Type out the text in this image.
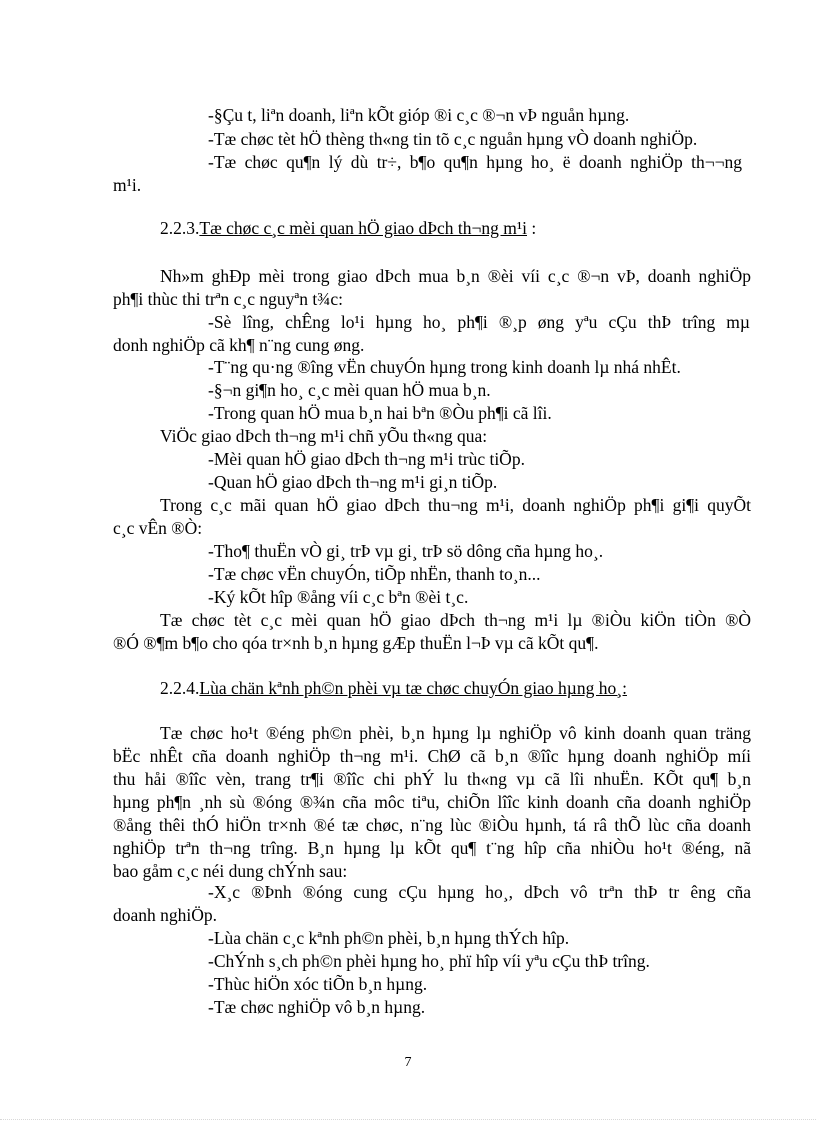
-§Çu t, liªn doanh, liªn kÕt gióp ®i c¸c ®¬n vÞ nguån hµng.
-Tæ chøc tèt hÖ thèng th«ng tin tõ c¸c nguån hµng vÒ doanh nghiÖp.
-Tæ chøc qu¶n lý dù tr÷, b¶o qu¶n hµng ho¸ ë doanh nghiÖp th¬¬ng
m¹i.
2.2.3.Tæ chøc c¸c mèi quan hÖ giao dÞch th¬ng m¹i :
Nh»m ghÐp mèi trong giao dÞch mua b¸n ®èi víi c¸c ®¬n vÞ, doanh nghiÖp
ph¶i thùc thi trªn c¸c nguyªn t¾c:
-Sè lîng, chÊng lo¹i hµng ho¸ ph¶i ®¸p øng yªu cÇu thÞ trîng mµ
donh nghiÖp cã kh¶ n¨ng cung øng.
-T¨ng qu·ng ®îng vËn chuyÓn hµng trong kinh doanh lµ nhá nhÊt.
-§¬n gi¶n ho¸ c¸c mèi quan hÖ mua b¸n.
-Trong quan hÖ mua b¸n hai bªn ®Òu ph¶i cã lîi.
ViÖc giao dÞch th¬ng m¹i chñ yÕu th«ng qua:
-Mèi quan hÖ giao dÞch th¬ng m¹i trùc tiÕp.
-Quan hÖ giao dÞch th¬ng m¹i gi¸n tiÕp.
Trong c¸c mãi quan hÖ giao dÞch thu¬ng m¹i, doanh nghiÖp ph¶i gi¶i quyÕt
c¸c vÊn ®Ò:
-Tho¶ thuËn vÒ gi¸ trÞ vµ gi¸ trÞ sö dông cña hµng ho¸.
-Tæ chøc vËn chuyÓn, tiÕp nhËn, thanh to¸n...
-Ký kÕt hîp ®ång víi c¸c bªn ®èi t¸c.
Tæ chøc tèt c¸c mèi quan hÖ giao dÞch th¬ng m¹i lµ ®iÒu kiÖn tiÒn ®Ò
®Ó ®¶m b¶o cho qóa tr×nh b¸n hµng gÆp thuËn l¬Þ vµ cã kÕt qu¶.
2.2.4.Lùa chän kªnh ph©n phèi vµ tæ chøc chuyÓn giao hµng ho¸:
Tæ chøc ho¹t ®éng ph©n phèi, b¸n hµng lµ nghiÖp vô kinh doanh quan träng
bËc nhÊt cña doanh nghiÖp th¬ng m¹i. ChØ cã b¸n ®îîc hµng doanh nghiÖp míi
thu håi ®îîc vèn, trang tr¶i ®îîc chi phÝ lu th«ng vµ cã lîi nhuËn. KÕt qu¶ b¸n
hµng ph¶n ¸nh sù ®óng ®¾n cña môc tiªu, chiÕn lîîc kinh doanh cña doanh nghiÖp
®ång thêi thÓ hiÖn tr×nh ®é tæ chøc, n¨ng lùc ®iÒu hµnh, tá râ thÕ lùc cña doanh
nghiÖp trªn th¬ng trîng. B¸n hµng lµ kÕt qu¶ t¨ng hîp cña nhiÒu ho¹t ®éng, nã
bao gåm c¸c néi dung chÝnh sau:
-X¸c ®Þnh ®óng cung cÇu hµng ho¸, dÞch vô trªn thÞ tr êng cña
doanh nghiÖp.
-Lùa chän c¸c kªnh ph©n phèi, b¸n hµng thÝch hîp.
-ChÝnh s¸ch ph©n phèi hµng ho¸ phï hîp víi yªu cÇu thÞ trîng.
-Thùc hiÖn xóc tiÕn b¸n hµng.
-Tæ chøc nghiÖp vô b¸n hµng.
7
